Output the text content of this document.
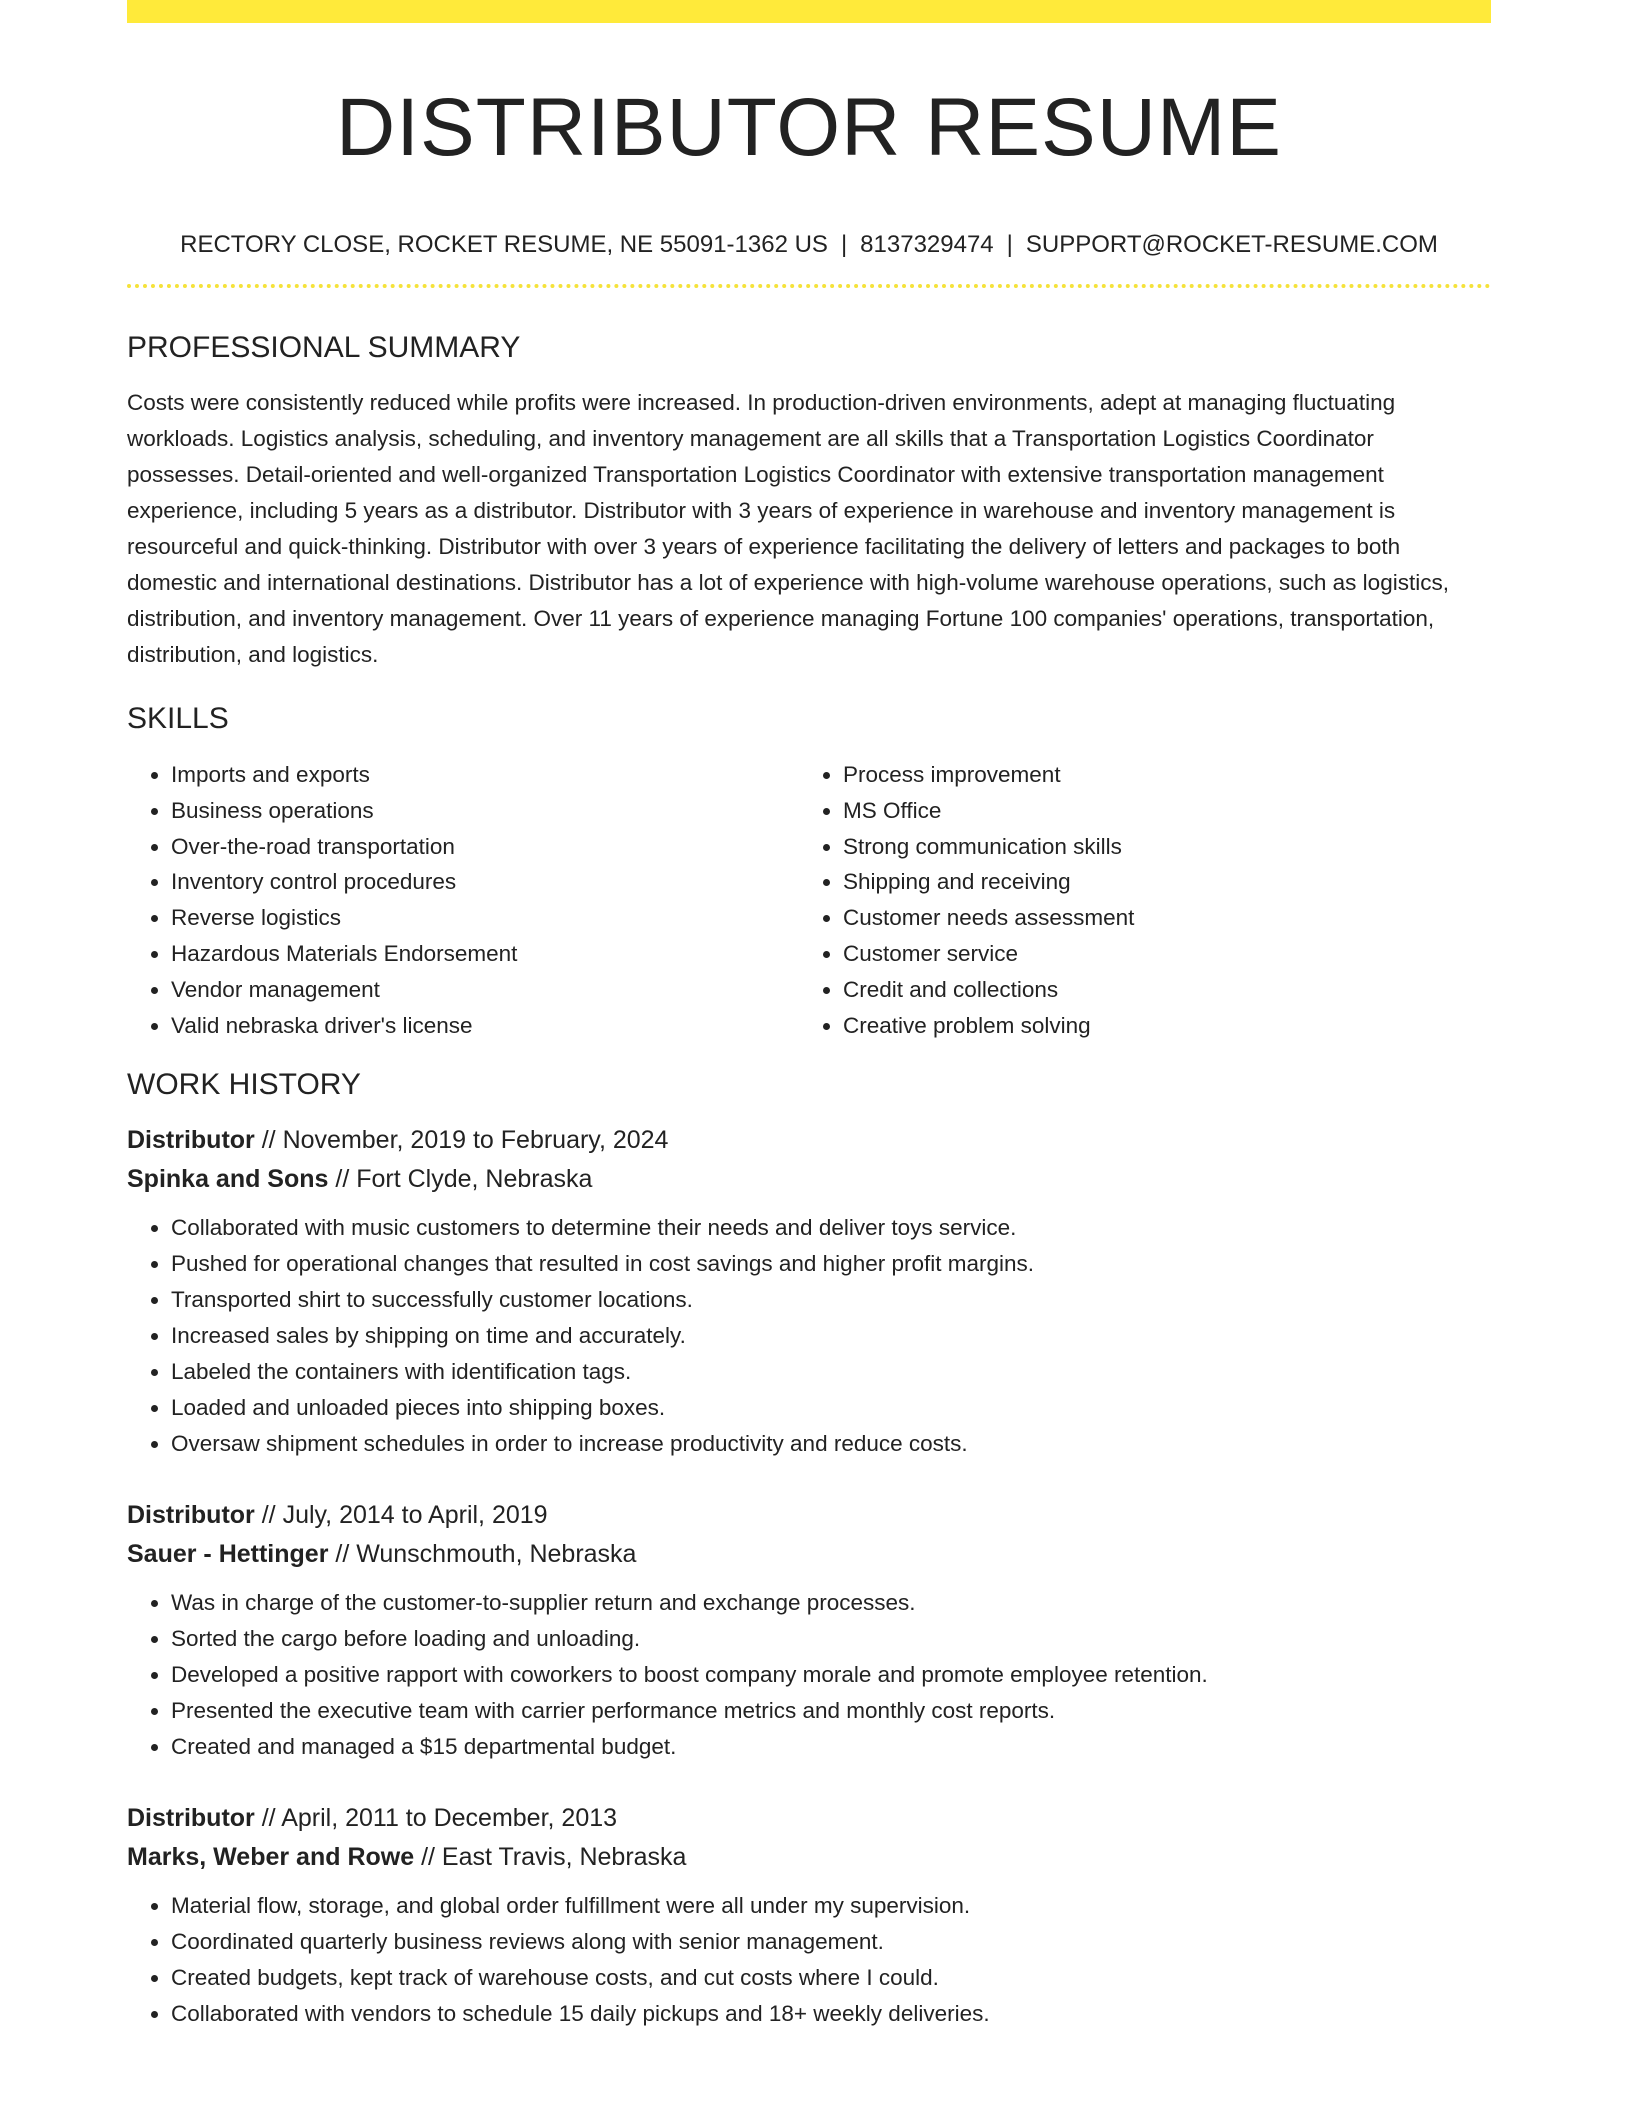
DISTRIBUTOR RESUME
RECTORY CLOSE, ROCKET RESUME, NE 55091-1362 US | 8137329474 | SUPPORT@ROCKET-RESUME.COM
PROFESSIONAL SUMMARY
Costs were consistently reduced while profits were increased. In production-driven environments, adept at managing fluctuating workloads. Logistics analysis, scheduling, and inventory management are all skills that a Transportation Logistics Coordinator possesses. Detail-oriented and well-organized Transportation Logistics Coordinator with extensive transportation management experience, including 5 years as a distributor. Distributor with 3 years of experience in warehouse and inventory management is resourceful and quick-thinking. Distributor with over 3 years of experience facilitating the delivery of letters and packages to both domestic and international destinations. Distributor has a lot of experience with high-volume warehouse operations, such as logistics, distribution, and inventory management. Over 11 years of experience managing Fortune 100 companies' operations, transportation, distribution, and logistics.
SKILLS
• Imports and exports
• Business operations
• Over-the-road transportation
• Inventory control procedures
• Reverse logistics
• Hazardous Materials Endorsement
• Vendor management
• Valid nebraska driver's license
• Process improvement
• MS Office
• Strong communication skills
• Shipping and receiving
• Customer needs assessment
• Customer service
• Credit and collections
• Creative problem solving
WORK HISTORY
Distributor // November, 2019 to February, 2024
Spinka and Sons // Fort Clyde, Nebraska
• Collaborated with music customers to determine their needs and deliver toys service.
• Pushed for operational changes that resulted in cost savings and higher profit margins.
• Transported shirt to successfully customer locations.
• Increased sales by shipping on time and accurately.
• Labeled the containers with identification tags.
• Loaded and unloaded pieces into shipping boxes.
• Oversaw shipment schedules in order to increase productivity and reduce costs.
Distributor // July, 2014 to April, 2019
Sauer - Hettinger // Wunschmouth, Nebraska
• Was in charge of the customer-to-supplier return and exchange processes.
• Sorted the cargo before loading and unloading.
• Developed a positive rapport with coworkers to boost company morale and promote employee retention.
• Presented the executive team with carrier performance metrics and monthly cost reports.
• Created and managed a $15 departmental budget.
Distributor // April, 2011 to December, 2013
Marks, Weber and Rowe // East Travis, Nebraska
• Material flow, storage, and global order fulfillment were all under my supervision.
• Coordinated quarterly business reviews along with senior management.
• Created budgets, kept track of warehouse costs, and cut costs where I could.
• Collaborated with vendors to schedule 15 daily pickups and 18+ weekly deliveries.
